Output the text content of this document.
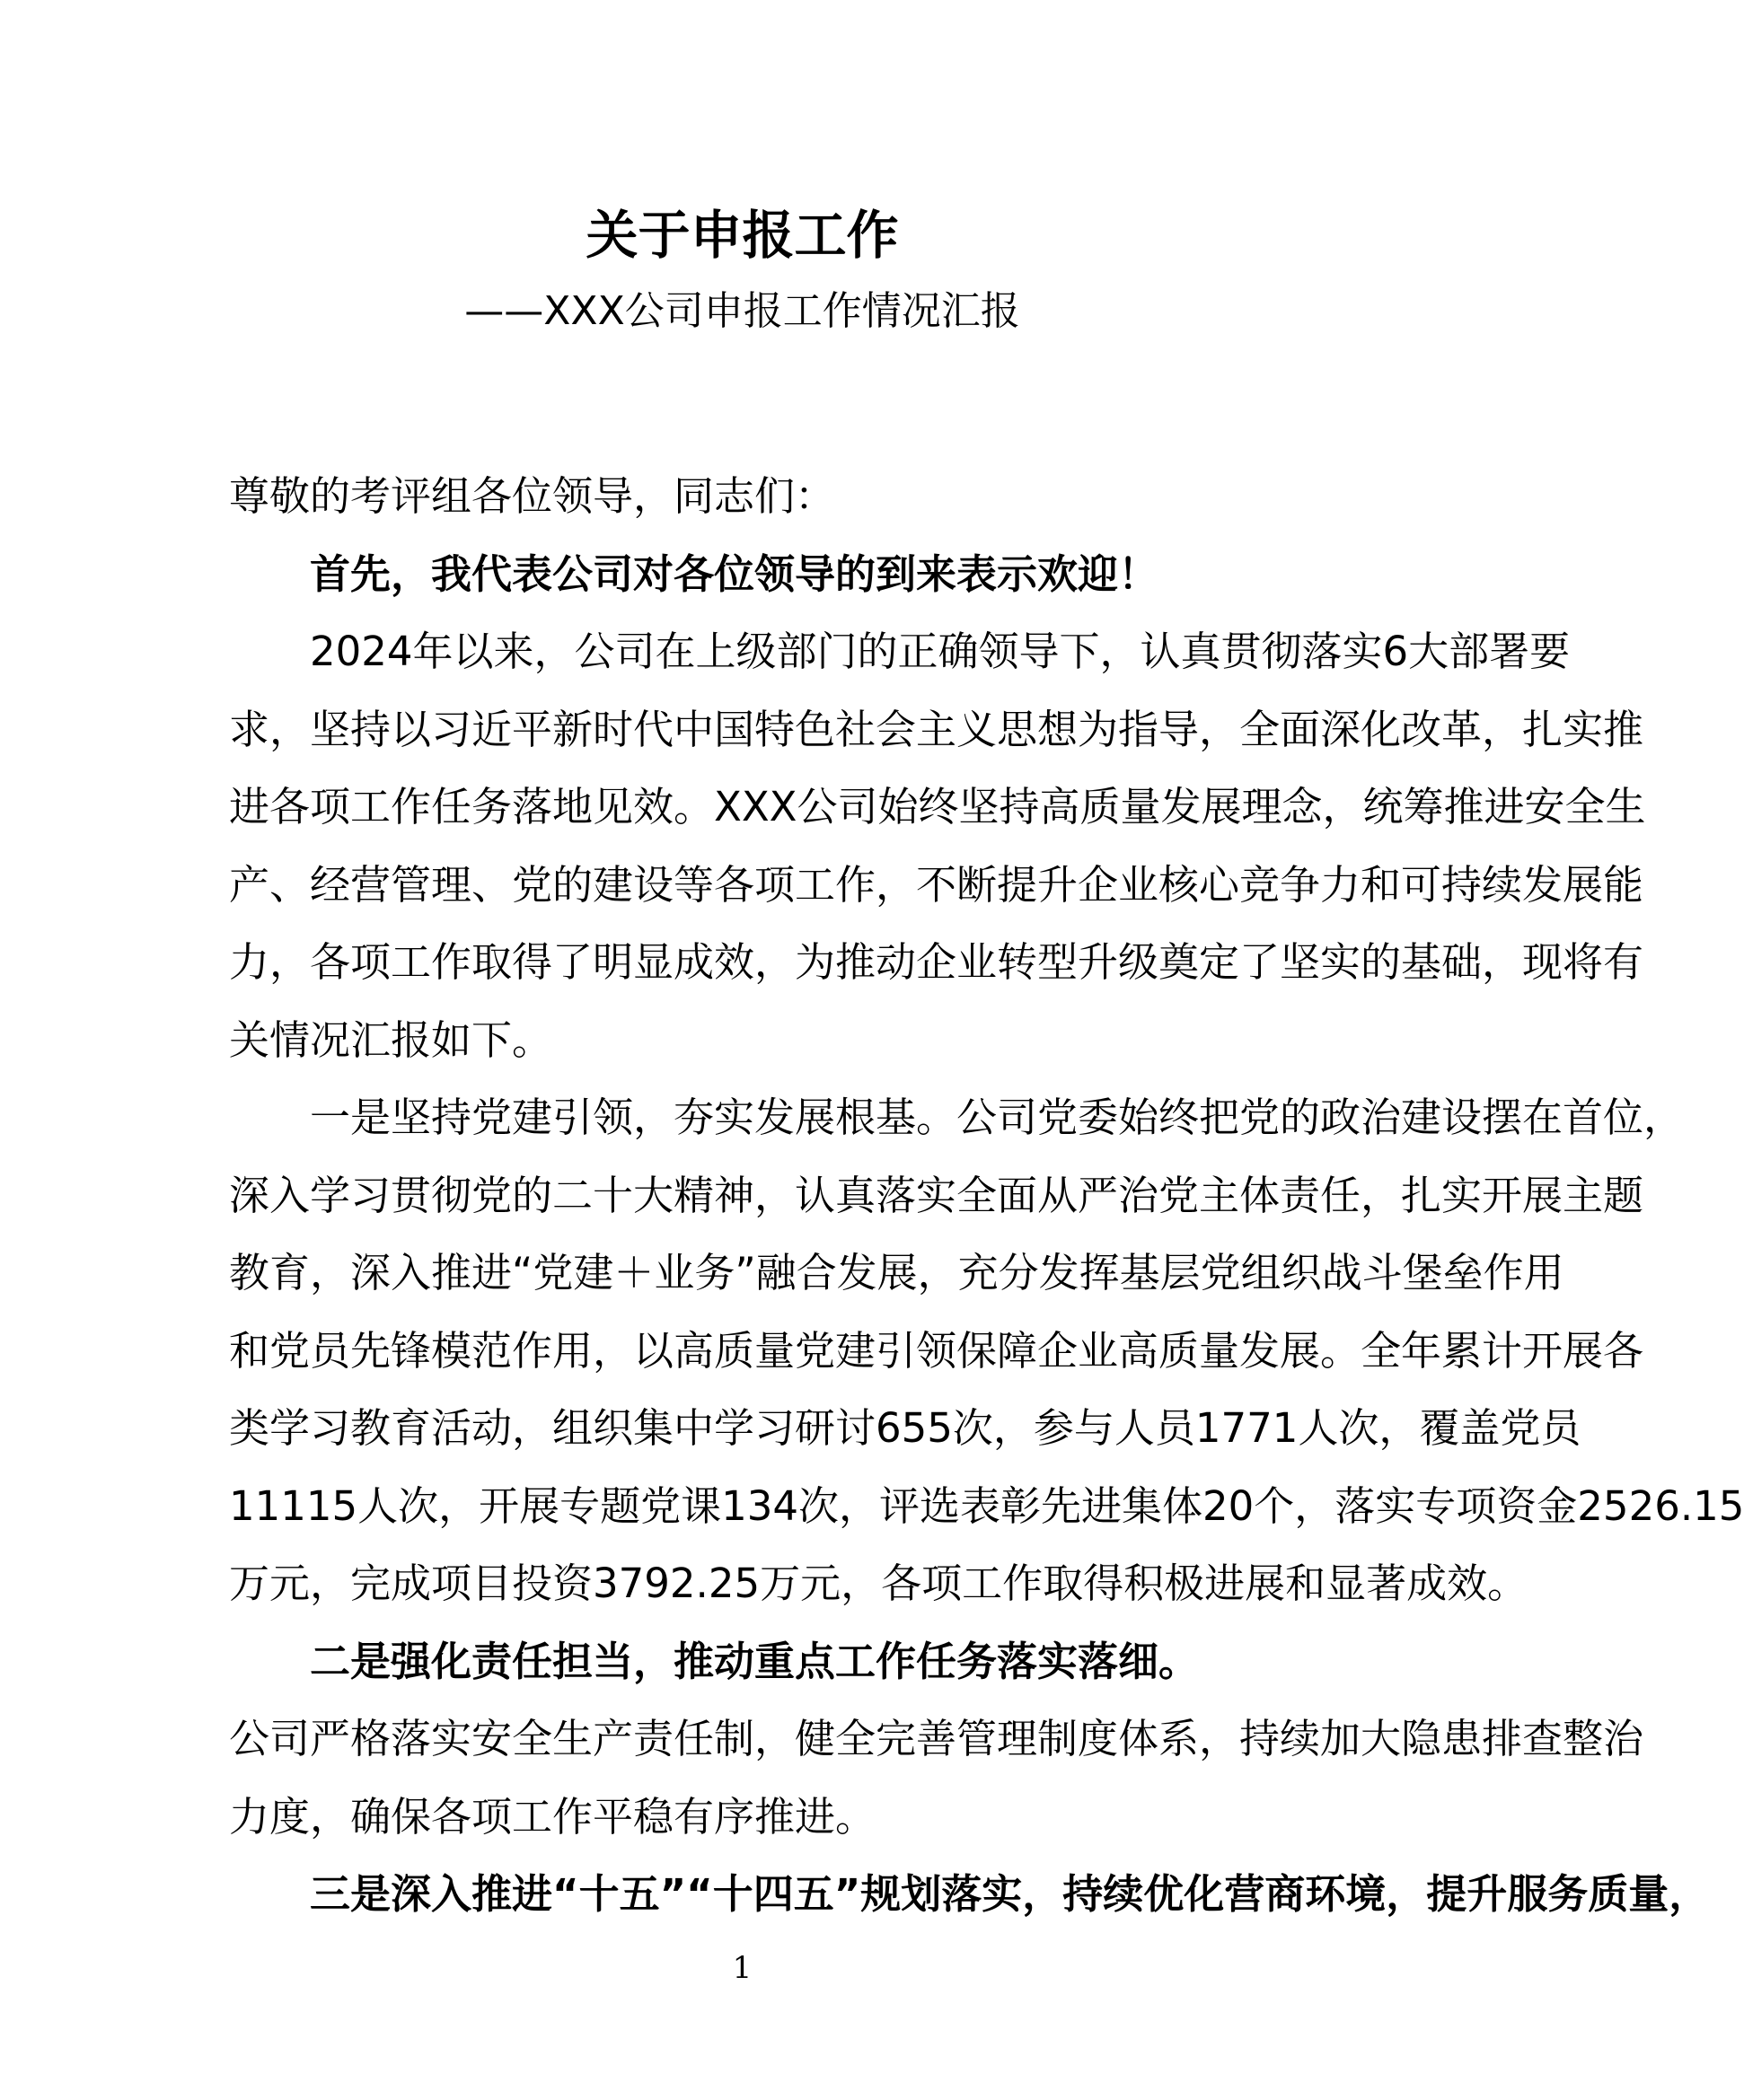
关于申报工作
——XXX公司申报工作情况汇报
尊敬的考评组各位领导，同志们：
首先，我代表公司对各位领导的到来表示欢迎！
2024年以来，公司在上级部门的正确领导下，认真贯彻落实6大部署要
求，坚持以习近平新时代中国特色社会主义思想为指导，全面深化改革，扎实推
进各项工作任务落地见效。XXX公司始终坚持高质量发展理念，统筹推进安全生
产、经营管理、党的建设等各项工作，不断提升企业核心竞争力和可持续发展能
力，各项工作取得了明显成效，为推动企业转型升级奠定了坚实的基础，现将有
关情况汇报如下。
一是坚持党建引领，夯实发展根基。公司党委始终把党的政治建设摆在首位，
深入学习贯彻党的二十大精神，认真落实全面从严治党主体责任，扎实开展主题
教育，深入推进“党建＋业务”融合发展，充分发挥基层党组织战斗堡垒作用
和党员先锋模范作用，以高质量党建引领保障企业高质量发展。全年累计开展各
类学习教育活动，组织集中学习研讨655次，参与人员1771人次，覆盖党员
11115人次，开展专题党课134次，评选表彰先进集体20个，落实专项资金2526.15
万元，完成项目投资3792.25万元，各项工作取得积极进展和显著成效。
二是强化责任担当，推动重点工作任务落实落细。
公司严格落实安全生产责任制，健全完善管理制度体系，持续加大隐患排查整治
力度，确保各项工作平稳有序推进。
三是深入推进“十五”“十四五”规划落实，持续优化营商环境，提升服务质量，
1
